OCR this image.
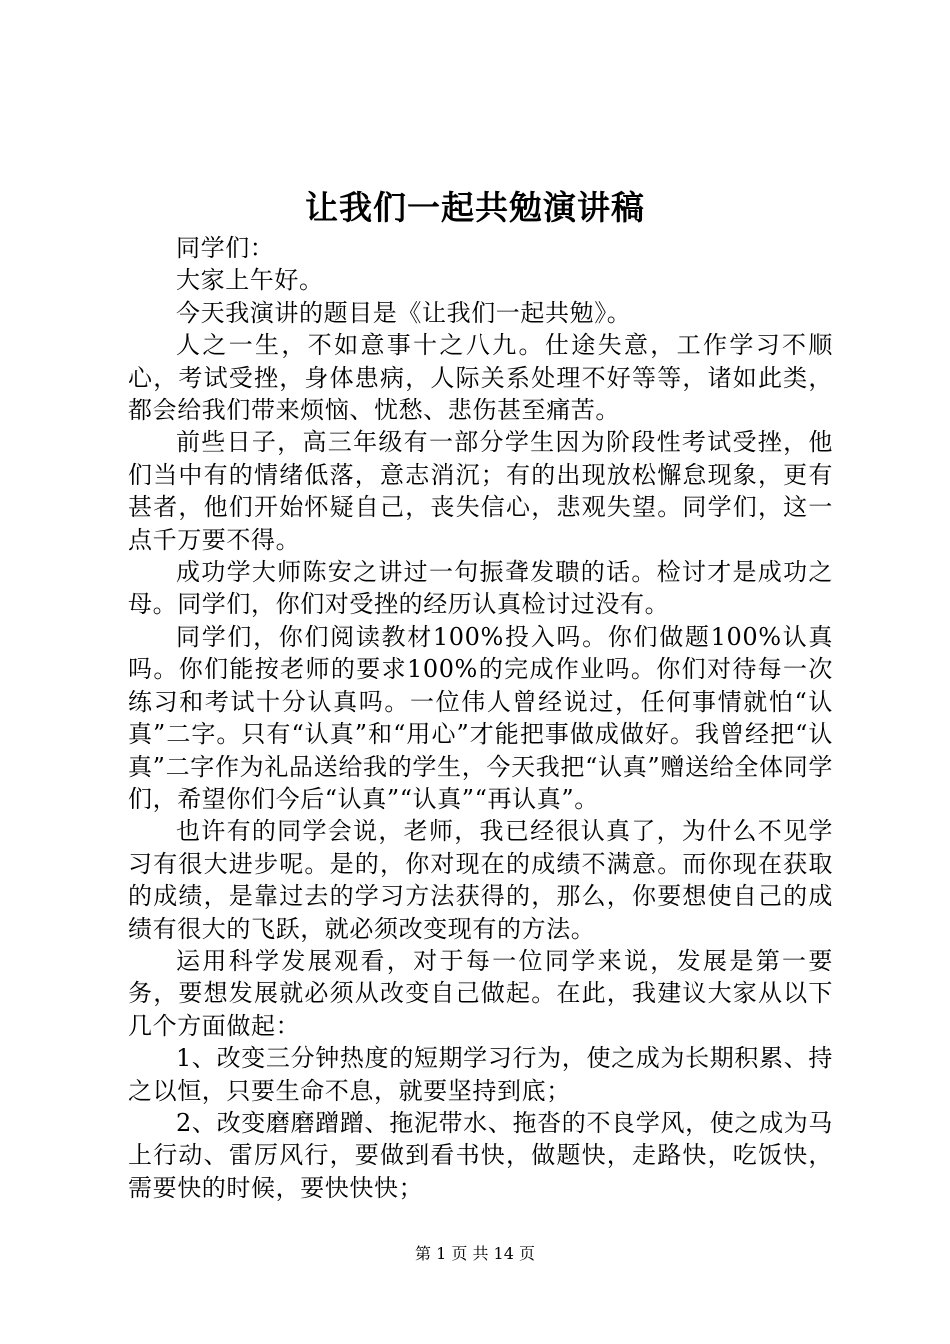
让我们一起共勉演讲稿

同学们：

大家上午好。

今天我演讲的题目是《让我们一起共勉》。

人之一生，不如意事十之八九。仕途失意，工作学习不顺心，考试受挫，身体患病，人际关系处理不好等等，诸如此类，都会给我们带来烦恼、忧愁、悲伤甚至痛苦。

前些日子，高三年级有一部分学生因为阶段性考试受挫，他们当中有的情绪低落，意志消沉；有的出现放松懈怠现象，更有甚者，他们开始怀疑自己，丧失信心，悲观失望。同学们，这一点千万要不得。

成功学大师陈安之讲过一句振聋发聩的话。检讨才是成功之母。同学们，你们对受挫的经历认真检讨过没有。

同学们，你们阅读教材100%投入吗。你们做题100%认真吗。你们能按老师的要求100%的完成作业吗。你们对待每一次练习和考试十分认真吗。一位伟人曾经说过，任何事情就怕“认真”二字。只有“认真”和“用心”才能把事做成做好。我曾经把“认真”二字作为礼品送给我的学生，今天我把“认真”赠送给全体同学们，希望你们今后“认真”“认真”“再认真”。

也许有的同学会说，老师，我已经很认真了，为什么不见学习有很大进步呢。是的，你对现在的成绩不满意。而你现在获取的成绩，是靠过去的学习方法获得的，那么，你要想使自己的成绩有很大的飞跃，就必须改变现有的方法。

运用科学发展观看，对于每一位同学来说，发展是第一要务，要想发展就必须从改变自己做起。在此，我建议大家从以下几个方面做起：

1、改变三分钟热度的短期学习行为，使之成为长期积累、持之以恒，只要生命不息，就要坚持到底；

2、改变磨磨蹭蹭、拖泥带水、拖沓的不良学风，使之成为马上行动、雷厉风行，要做到看书快，做题快，走路快，吃饭快，需要快的时候，要快快快；

第 1 页 共 14 页
